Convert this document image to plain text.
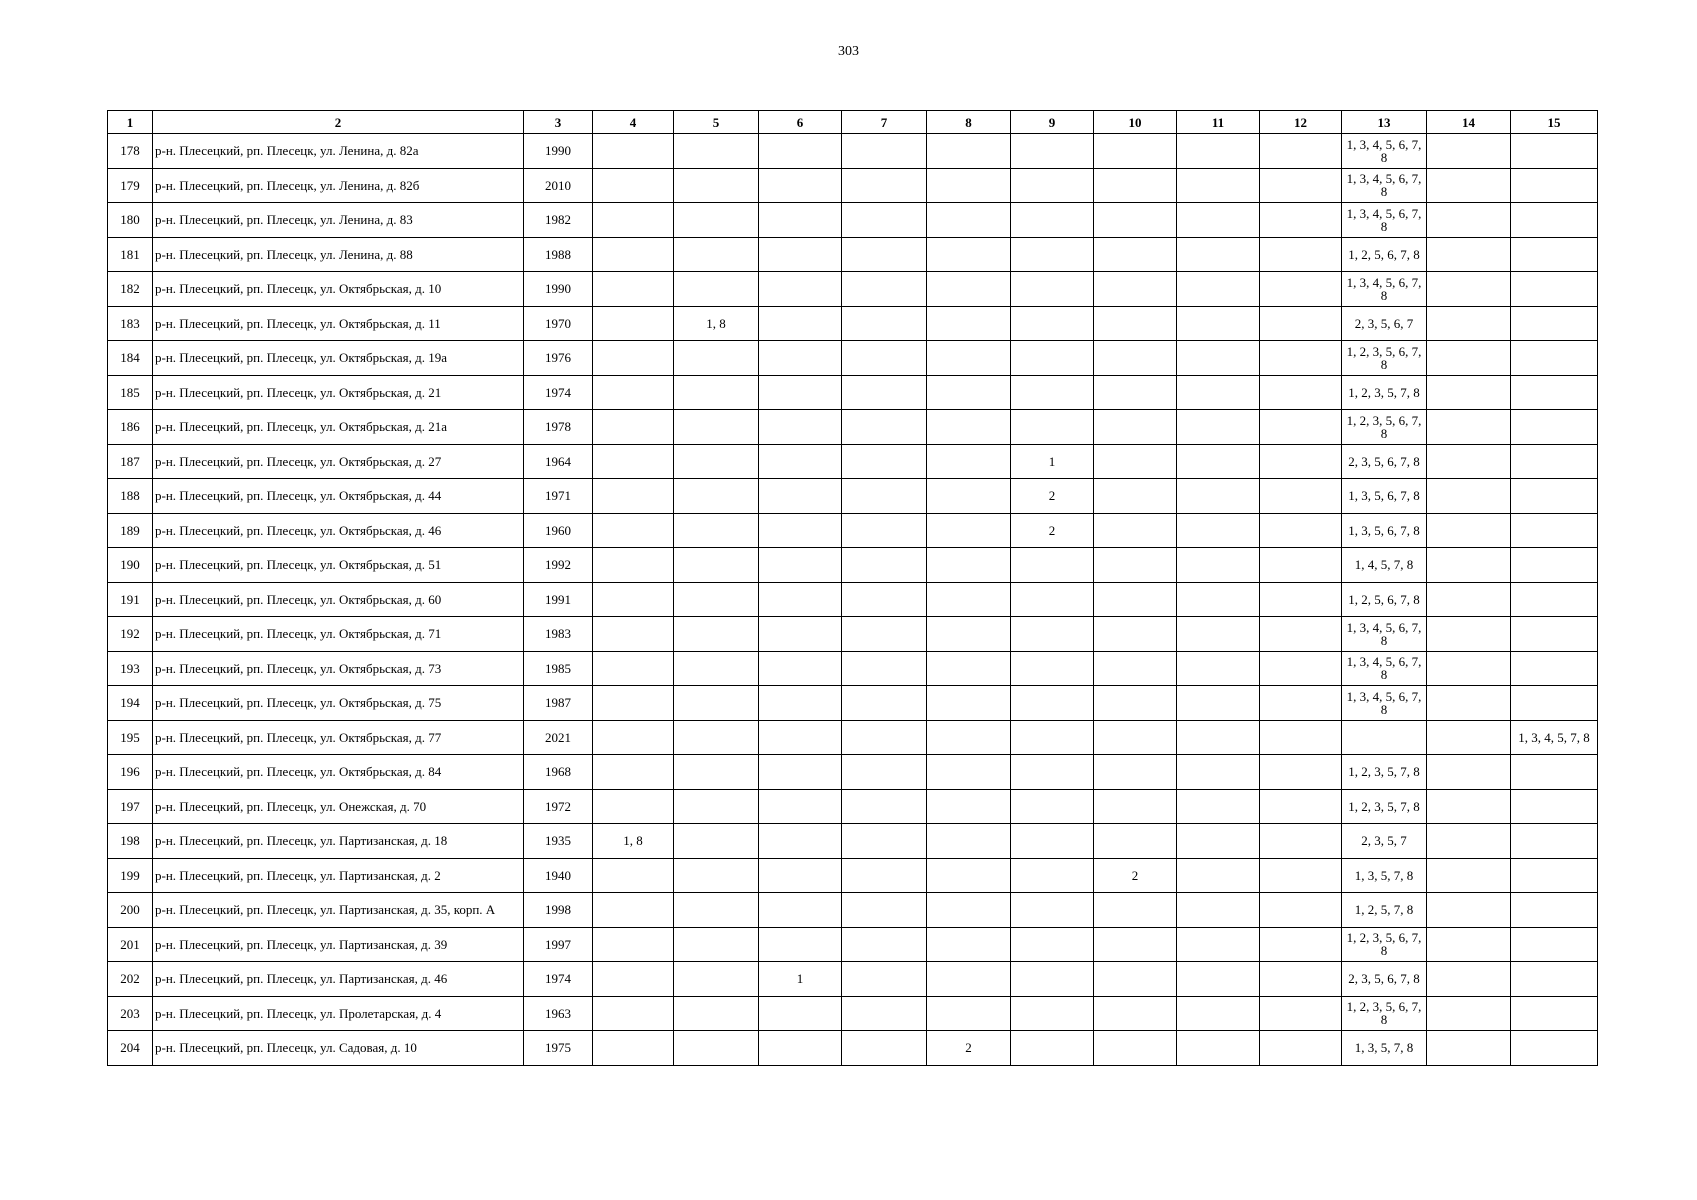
303
1	2	3	4	5	6	7	8	9	10	11	12	13	14	15
178	р-н. Плесецкий, рп. Плесецк, ул. Ленина, д. 82а	1990										1, 3, 4, 5, 6, 7, 8		

179	р-н. Плесецкий, рп. Плесецк, ул. Ленина, д. 82б	2010										1, 3, 4, 5, 6, 7, 8		

180	р-н. Плесецкий, рп. Плесецк, ул. Ленина, д. 83	1982										1, 3, 4, 5, 6, 7, 8		

181	р-н. Плесецкий, рп. Плесецк, ул. Ленина, д. 88	1988										1, 2, 5, 6, 7, 8		

182	р-н. Плесецкий, рп. Плесецк, ул. Октябрьская, д. 10	1990										1, 3, 4, 5, 6, 7, 8		

183	р-н. Плесецкий, рп. Плесецк, ул. Октябрьская, д. 11	1970		1, 8								2, 3, 5, 6, 7		

184	р-н. Плесецкий, рп. Плесецк, ул. Октябрьская, д. 19а	1976										1, 2, 3, 5, 6, 7, 8		

185	р-н. Плесецкий, рп. Плесецк, ул. Октябрьская, д. 21	1974										1, 2, 3, 5, 7, 8		

186	р-н. Плесецкий, рп. Плесецк, ул. Октябрьская, д. 21а	1978										1, 2, 3, 5, 6, 7, 8		

187	р-н. Плесецкий, рп. Плесецк, ул. Октябрьская, д. 27	1964						1				2, 3, 5, 6, 7, 8		

188	р-н. Плесецкий, рп. Плесецк, ул. Октябрьская, д. 44	1971						2				1, 3, 5, 6, 7, 8		

189	р-н. Плесецкий, рп. Плесецк, ул. Октябрьская, д. 46	1960						2				1, 3, 5, 6, 7, 8		

190	р-н. Плесецкий, рп. Плесецк, ул. Октябрьская, д. 51	1992										1, 4, 5, 7, 8		

191	р-н. Плесецкий, рп. Плесецк, ул. Октябрьская, д. 60	1991										1, 2, 5, 6, 7, 8		

192	р-н. Плесецкий, рп. Плесецк, ул. Октябрьская, д. 71	1983										1, 3, 4, 5, 6, 7, 8		

193	р-н. Плесецкий, рп. Плесецк, ул. Октябрьская, д. 73	1985										1, 3, 4, 5, 6, 7, 8		

194	р-н. Плесецкий, рп. Плесецк, ул. Октябрьская, д. 75	1987										1, 3, 4, 5, 6, 7, 8		

195	р-н. Плесецкий, рп. Плесецк, ул. Октябрьская, д. 77	2021												1, 3, 4, 5, 7, 8
196	р-н. Плесецкий, рп. Плесецк, ул. Октябрьская, д. 84	1968										1, 2, 3, 5, 7, 8		

197	р-н. Плесецкий, рп. Плесецк, ул. Онежская, д. 70	1972										1, 2, 3, 5, 7, 8		

198	р-н. Плесецкий, рп. Плесецк, ул. Партизанская, д. 18	1935	1, 8									2, 3, 5, 7		

199	р-н. Плесецкий, рп. Плесецк, ул. Партизанская, д. 2	1940							2			1, 3, 5, 7, 8		

200	р-н. Плесецкий, рп. Плесецк, ул. Партизанская, д. 35, корп. А	1998										1, 2, 5, 7, 8		

201	р-н. Плесецкий, рп. Плесецк, ул. Партизанская, д. 39	1997										1, 2, 3, 5, 6, 7, 8		

202	р-н. Плесецкий, рп. Плесецк, ул. Партизанская, д. 46	1974			1							2, 3, 5, 6, 7, 8		

203	р-н. Плесецкий, рп. Плесецк, ул. Пролетарская, д. 4	1963										1, 2, 3, 5, 6, 7, 8		

204	р-н. Плесецкий, рп. Плесецк, ул. Садовая, д. 10	1975					2					1, 3, 5, 7, 8		
